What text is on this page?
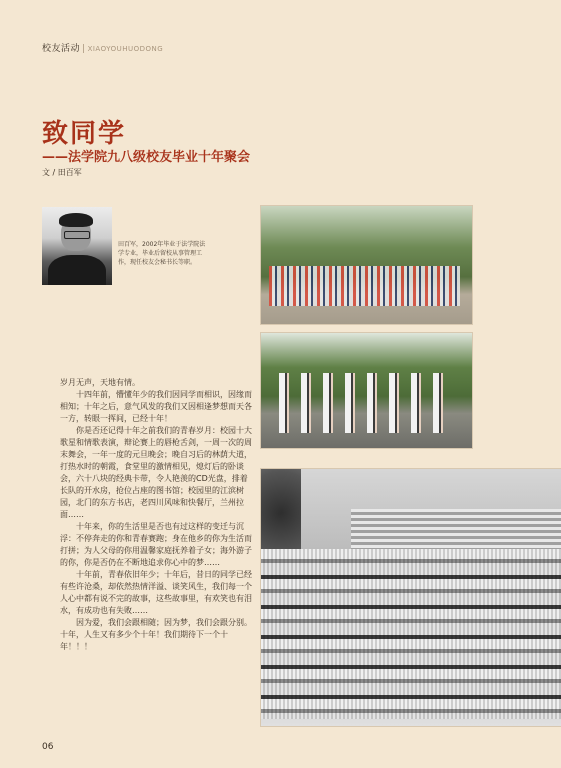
校友活动 | XIAOYOUHUODONG
致同学
——法学院九八级校友毕业十年聚会
文 / 田百军
田百军，2002年毕业于法学院法学专业，毕业后留校从事管理工作，现任校友会秘书长等职。

岁月无声，天地有情。

十四年前，懵懂年少的我们因同学而相识，因缘而相知；十年之后，意气风发的我们又因相逢梦想而天各一方，转眼一挥间，已经十年！

你是否还记得十年之前我们的青春岁月：校园十大歌星和情歌表演，辩论赛上的唇枪舌剑，一周一次的周末舞会，一年一度的元旦晚会；晚自习后的林荫大道，打热水时的朝霞，食堂里的激情相见，熄灯后的卧谈会，六十八块的经典卡带，令人艳羡的CD光盘，排着长队的开水房，抢位占座的图书馆；校园里的江滨树园，北门的东方书店，老四川风味和快餐厅，兰州拉面……

十年来，你的生活里是否也有过这样的变迁与沉浮：不停奔走的你和青春赛跑；身在他乡的你为生活而打拼；为人父母的你用温馨家庭抚养着子女；海外游子的你，你是否仍在不断地追求你心中的梦……

十年前，青春依旧年少；十年后，昔日的同学已经有些许沧桑，却依然热情洋溢、谈笑风生，我们每一个人心中都有说不完的故事，这些故事里，有欢笑也有泪水，有成功也有失败……

因为爱，我们会跟相随；因为梦，我们会跟分别。十年，人生又有多少个十年！我们期待下一个十年！！！

06
